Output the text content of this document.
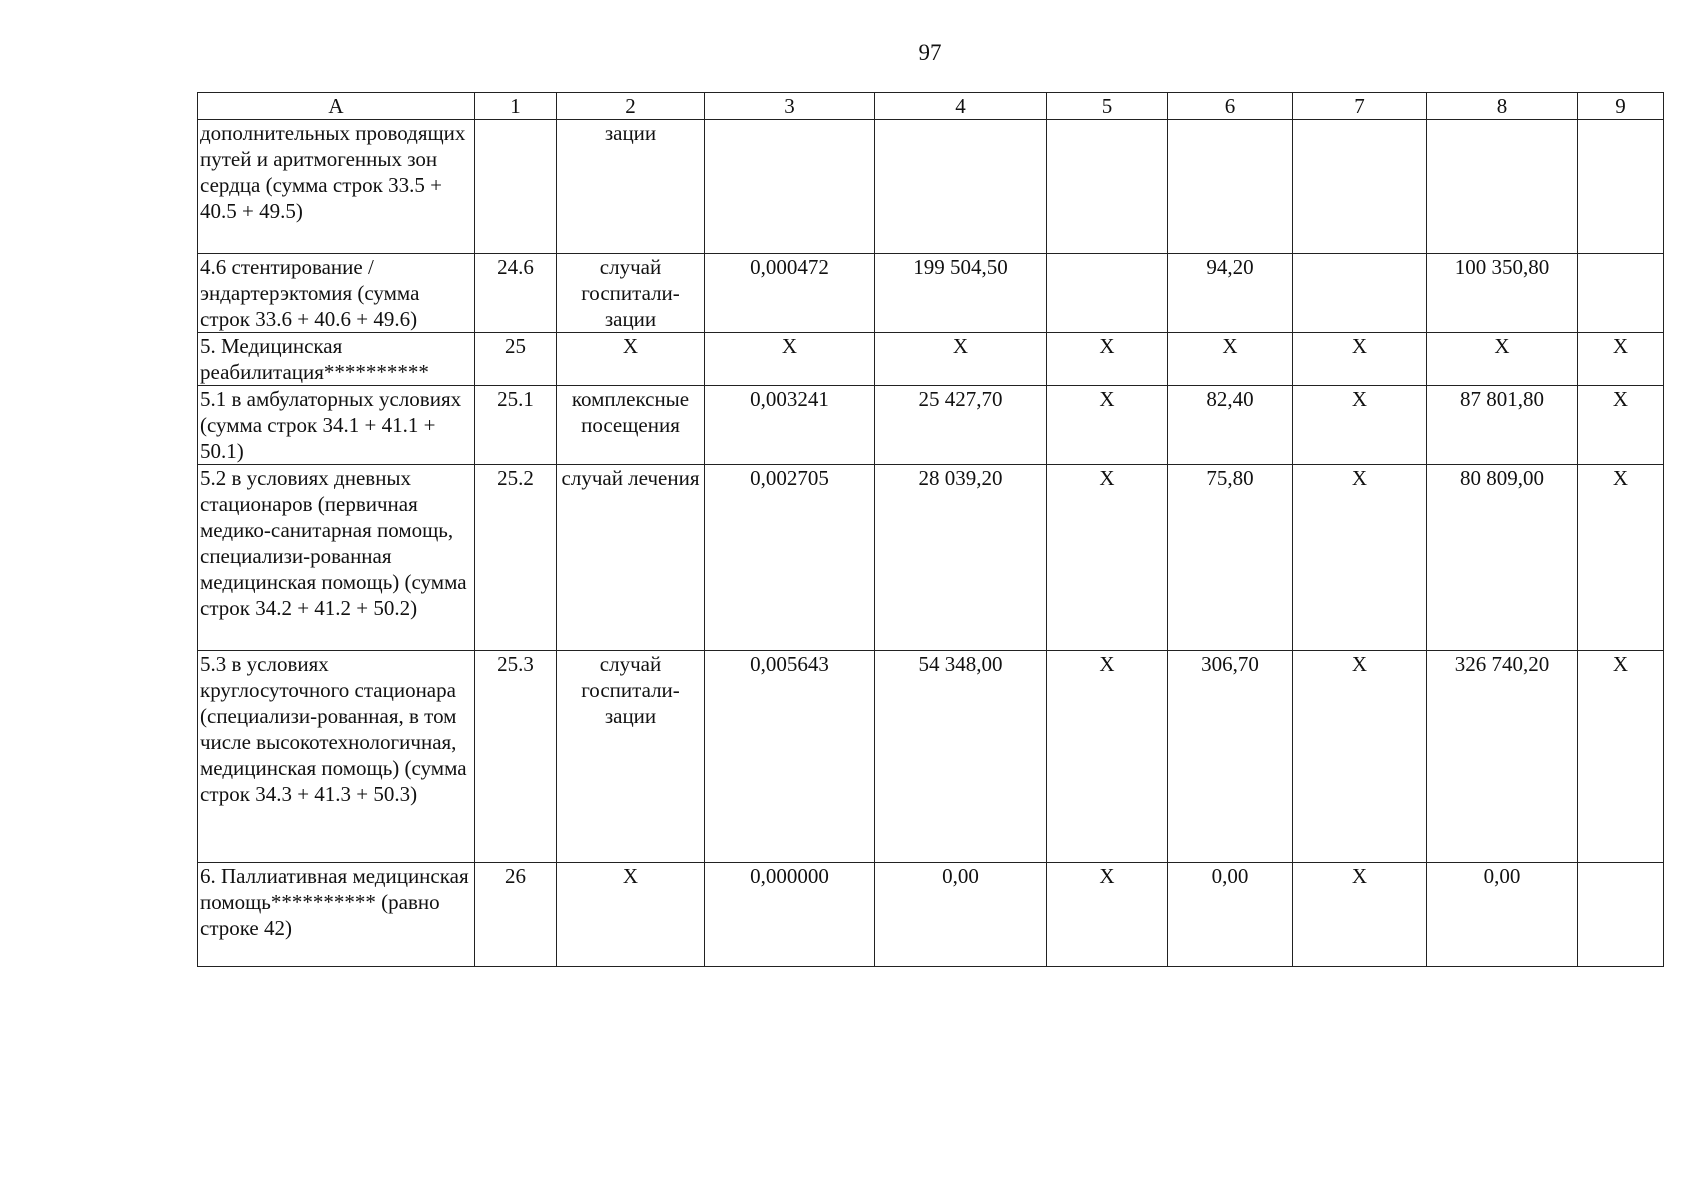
97
A	1	2	3	4	5	6	7	8	9
дополнительных проводящих путей и аритмогенных зон сердца (сумма строк 33.5 + 40.5 + 49.5)		зации							
4.6 стентирование / эндартерэктомия (сумма строк 33.6 + 40.6 + 49.6)	24.6	случай госпитали-зации	0,000472	199 504,50		94,20		100 350,80	
5. Медицинская реабилитация**********	25	X	X	X	X	X	X	X	X
5.1 в амбулаторных условиях (сумма строк 34.1 + 41.1 + 50.1)	25.1	комплексные посещения	0,003241	25 427,70	X	82,40	X	87 801,80	X
5.2 в условиях дневных стационаров (первичная медико-санитарная помощь, специализи-рованная медицинская помощь) (сумма строк 34.2 + 41.2 + 50.2)	25.2	случай лечения	0,002705	28 039,20	X	75,80	X	80 809,00	X
5.3 в условиях круглосуточного стационара (специализи-рованная, в том числе высокотехнологичная, медицинская помощь) (сумма строк 34.3 + 41.3 + 50.3)	25.3	случай госпитали-зации	0,005643	54 348,00	X	306,70	X	326 740,20	X
6. Паллиативная медицинская помощь********** (равно строке 42)	26	X	0,000000	0,00	X	0,00	X	0,00	
